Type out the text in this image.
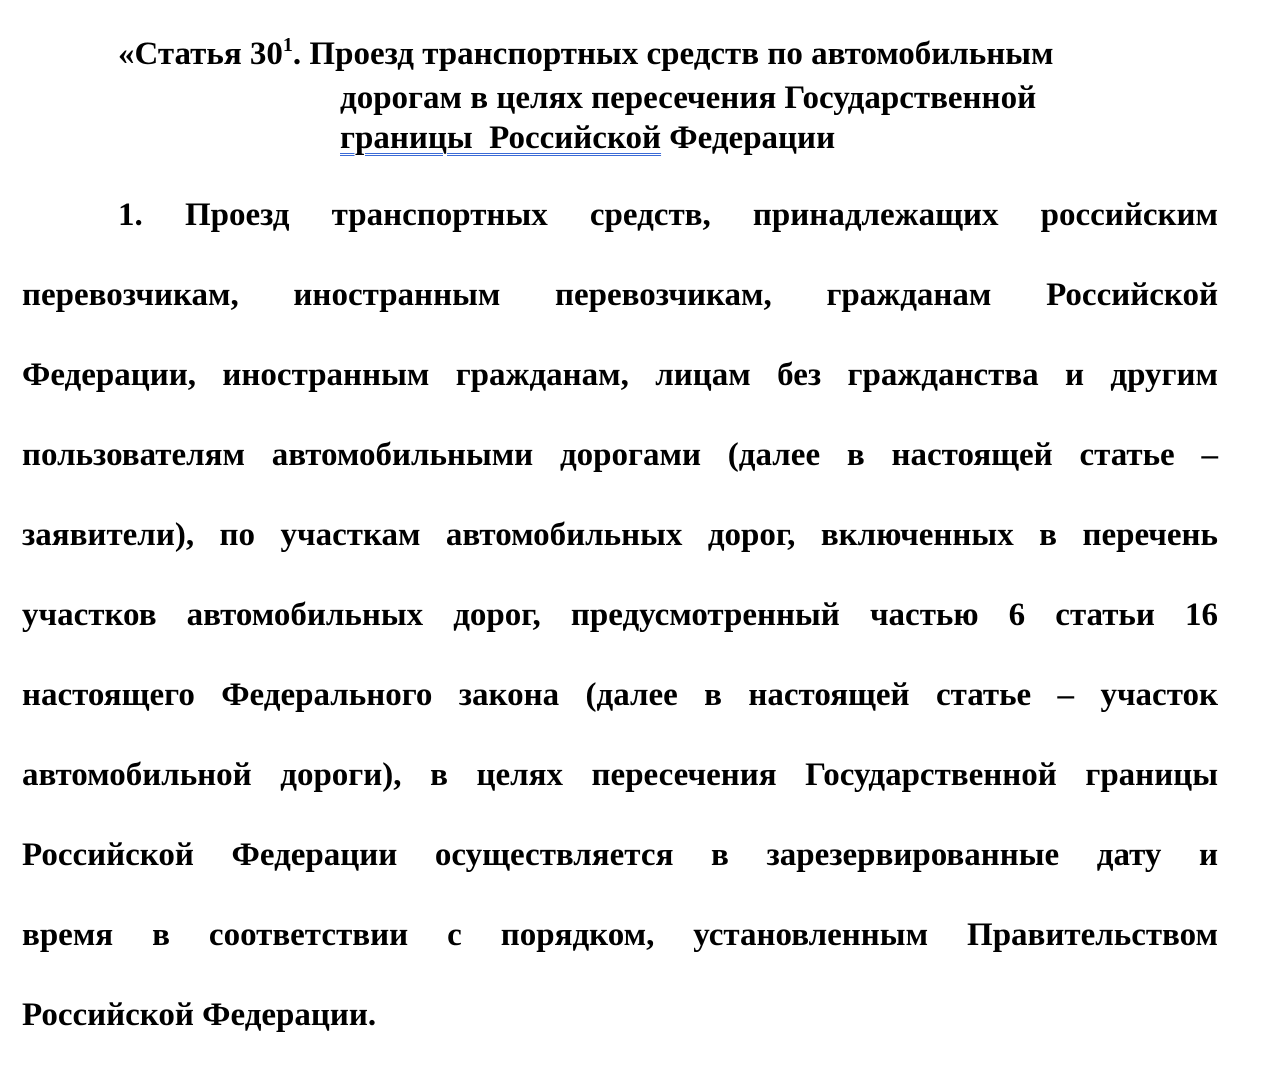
«Статья $30^1$. Проезд транспортных средств по автомобильным
дорогам в целях пересечения Государственной
границы  Российской Федерации
1. Проезд транспортных средств, принадлежащих российским
перевозчикам, иностранным перевозчикам, гражданам Российской
Федерации, иностранным гражданам, лицам без гражданства и другим
пользователям автомобильными дорогами (далее в настоящей статье –
заявители), по участкам автомобильных дорог, включенных в перечень
участков автомобильных дорог, предусмотренный частью 6 статьи 16
настоящего Федерального закона (далее в настоящей статье – участок
автомобильной дороги), в целях пересечения Государственной границы
Российской Федерации осуществляется в зарезервированные дату и
время в соответствии с порядком, установленным Правительством
Российской Федерации.
